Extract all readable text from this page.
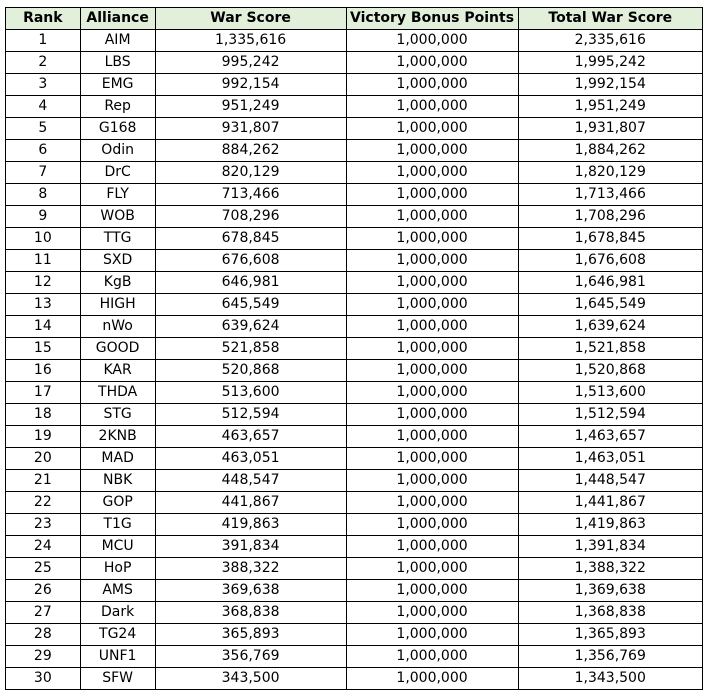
Rank	Alliance	War Score	Victory Bonus Points	Total War Score
1	AIM	1,335,616	1,000,000	2,335,616
2	LBS	995,242	1,000,000	1,995,242
3	EMG	992,154	1,000,000	1,992,154
4	Rep	951,249	1,000,000	1,951,249
5	G168	931,807	1,000,000	1,931,807
6	Odin	884,262	1,000,000	1,884,262
7	DrC	820,129	1,000,000	1,820,129
8	FLY	713,466	1,000,000	1,713,466
9	WOB	708,296	1,000,000	1,708,296
10	TTG	678,845	1,000,000	1,678,845
11	SXD	676,608	1,000,000	1,676,608
12	KgB	646,981	1,000,000	1,646,981
13	HIGH	645,549	1,000,000	1,645,549
14	nWo	639,624	1,000,000	1,639,624
15	GOOD	521,858	1,000,000	1,521,858
16	KAR	520,868	1,000,000	1,520,868
17	THDA	513,600	1,000,000	1,513,600
18	STG	512,594	1,000,000	1,512,594
19	2KNB	463,657	1,000,000	1,463,657
20	MAD	463,051	1,000,000	1,463,051
21	NBK	448,547	1,000,000	1,448,547
22	GOP	441,867	1,000,000	1,441,867
23	T1G	419,863	1,000,000	1,419,863
24	MCU	391,834	1,000,000	1,391,834
25	HoP	388,322	1,000,000	1,388,322
26	AMS	369,638	1,000,000	1,369,638
27	Dark	368,838	1,000,000	1,368,838
28	TG24	365,893	1,000,000	1,365,893
29	UNF1	356,769	1,000,000	1,356,769
30	SFW	343,500	1,000,000	1,343,500
